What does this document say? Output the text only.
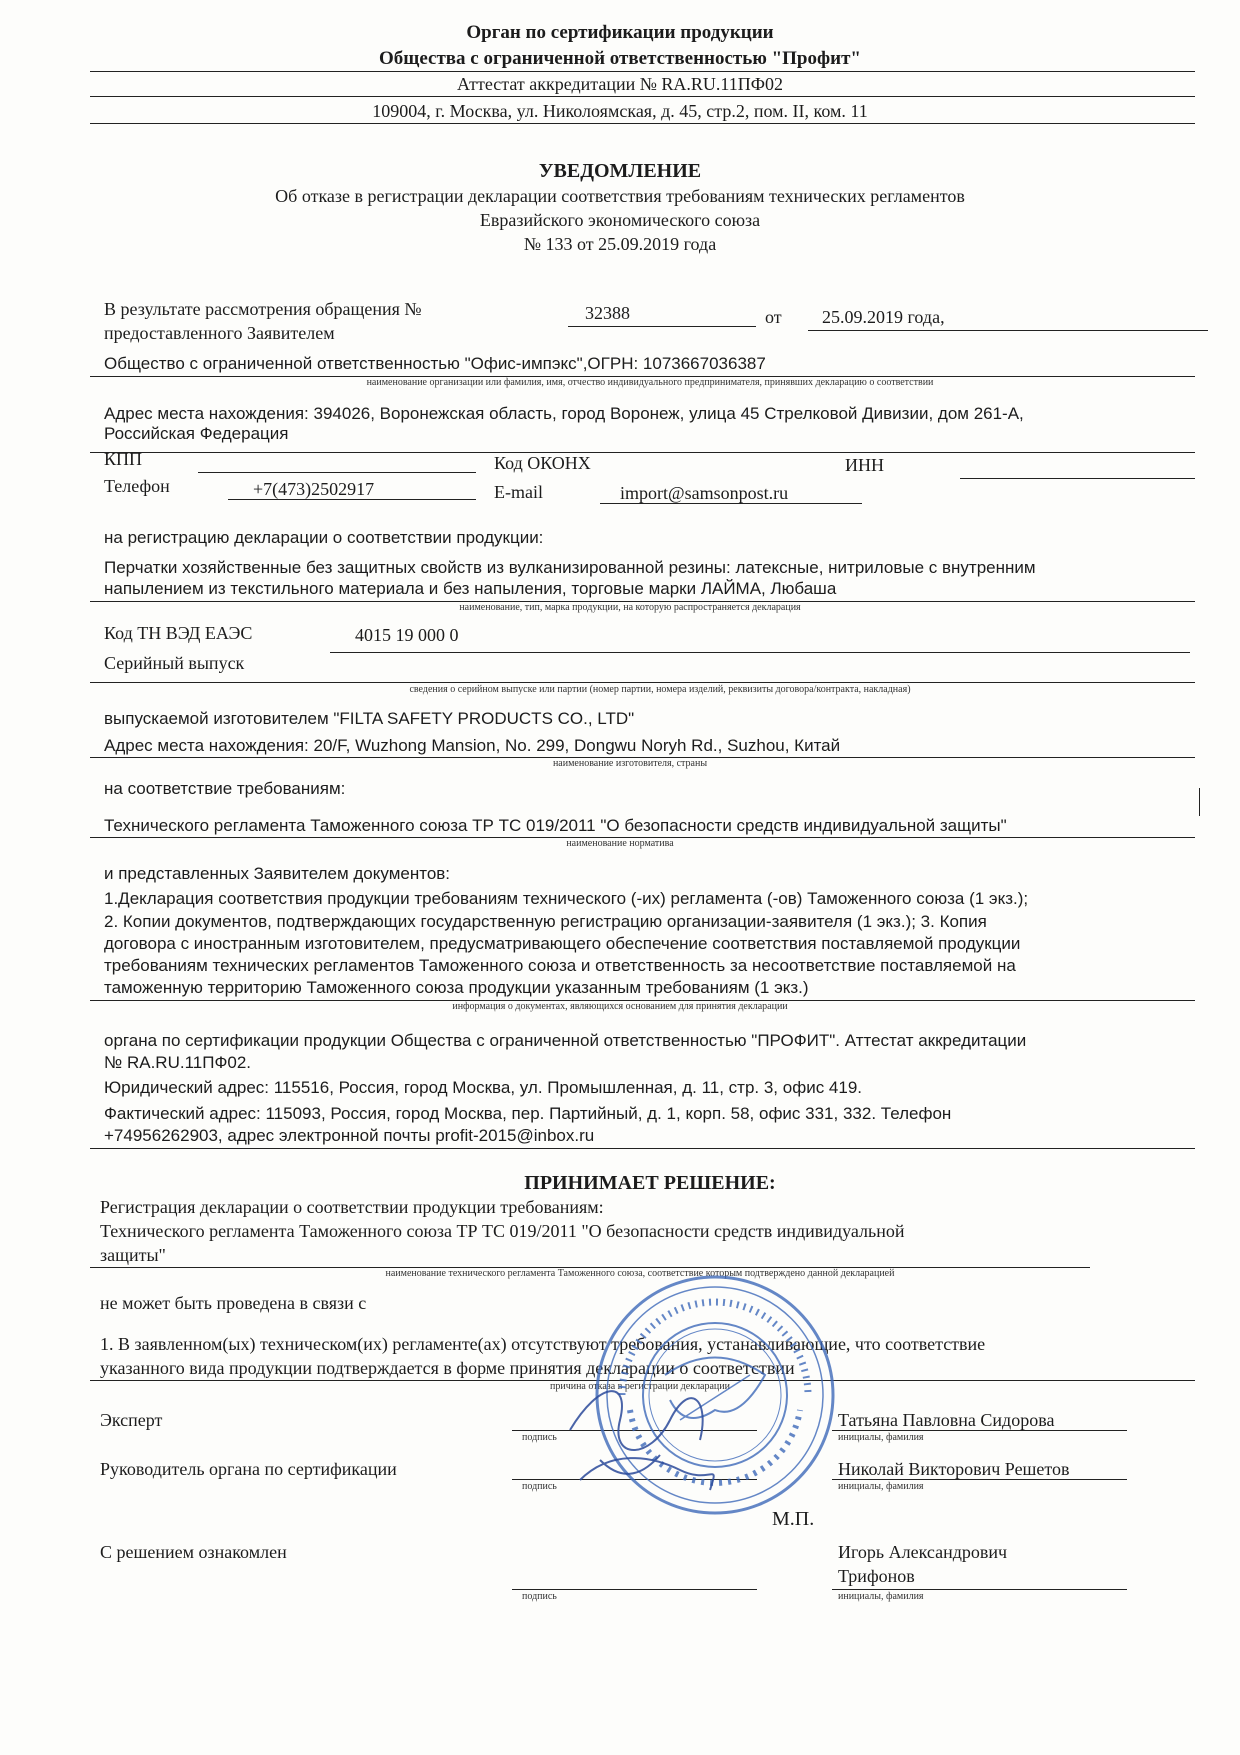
Орган по сертификации продукции
Общества с ограниченной ответственностью "Профит"
Аттестат аккредитации № RA.RU.11ПФ02
109004, г. Москва, ул. Николоямская, д. 45, стр.2, пом. II, ком. 11
УВЕДОМЛЕНИЕ
Об отказе в регистрации декларации соответствия требованиям технических регламентов
Евразийского экономического союза
№ 133 от 25.09.2019 года
В результате рассмотрения обращения №	32388	от 25.09.2019 года,
предоставленного Заявителем
Общество с ограниченной ответственностью "Офис-импэкс",ОГРН: 1073667036387
наименование организации или фамилия, имя, отчество индивидуального предпринимателя, принявших декларацию о соответствии
Адрес места нахождения: 394026, Воронежская область, город Воронеж, улица 45 Стрелковой Дивизии, дом 261-А,
Российская Федерация
КПП	Код ОКОНХ	ИНН
Телефон	+7(473)2502917	E-mail	import@samsonpost.ru
на регистрацию декларации о соответствии продукции:
Перчатки хозяйственные без защитных свойств из вулканизированной резины: латексные, нитриловые с внутренним
напылением из текстильного материала и без напыления, торговые марки ЛАЙМА, Любаша
наименование, тип, марка продукции, на которую распространяется декларация
Код ТН ВЭД ЕАЭС	4015 19 000 0
Серийный выпуск
сведения о серийном выпуске или партии (номер партии, номера изделий, реквизиты договора/контракта, накладная)
выпускаемой изготовителем "FILTA SAFETY PRODUCTS CO., LTD"
Адрес места нахождения: 20/F, Wuzhong Mansion, No. 299, Dongwu Noryh Rd., Suzhou, Китай
наименование изготовителя, страны
на соответствие требованиям:
Технического регламента Таможенного союза ТР ТС 019/2011 "О безопасности средств индивидуальной защиты"
наименование норматива
и представленных Заявителем документов:
1.Декларация соответствия продукции требованиям технического (-их) регламента (-ов) Таможенного союза (1 экз.);
2. Копии документов, подтверждающих государственную регистрацию организации-заявителя (1 экз.); 3. Копия
договора с иностранным изготовителем, предусматривающего обеспечение соответствия поставляемой продукции
требованиям технических регламентов Таможенного союза и ответственность за несоответствие поставляемой на
таможенную территорию Таможенного союза продукции указанным требованиям (1 экз.)
информация о документах, являющихся основанием для принятия декларации
органа по сертификации продукции Общества с ограниченной ответственностью "ПРОФИТ". Аттестат аккредитации
№ RA.RU.11ПФ02.
Юридический адрес: 115516, Россия, город Москва, ул. Промышленная, д. 11, стр. 3, офис 419.
Фактический адрес: 115093, Россия, город Москва, пер. Партийный, д. 1, корп. 58, офис 331, 332. Телефон
+74956262903, адрес электронной почты profit-2015@inbox.ru
ПРИНИМАЕТ РЕШЕНИЕ:
Регистрация декларации о соответствии продукции требованиям:
Технического регламента Таможенного союза ТР ТС 019/2011 "О безопасности средств индивидуальной
защиты"
наименование технического регламента Таможенного союза, соответствие которым подтверждено данной декларацией
не может быть проведена в связи с
1. В заявленном(ых) техническом(их) регламенте(ах) отсутствуют требования, устанавливающие, что соответствие
указанного вида продукции подтверждается в форме принятия декларации о соответствии
причина отказа в регистрации декларации
Эксперт
подпись
Татьяна Павловна Сидорова
инициалы, фамилия
Руководитель органа по сертификации
подпись
Николай Викторович Решетов
инициалы, фамилия
М.П.
С решением ознакомлен	Игорь Александрович
Трифонов
подпись	инициалы, фамилия
